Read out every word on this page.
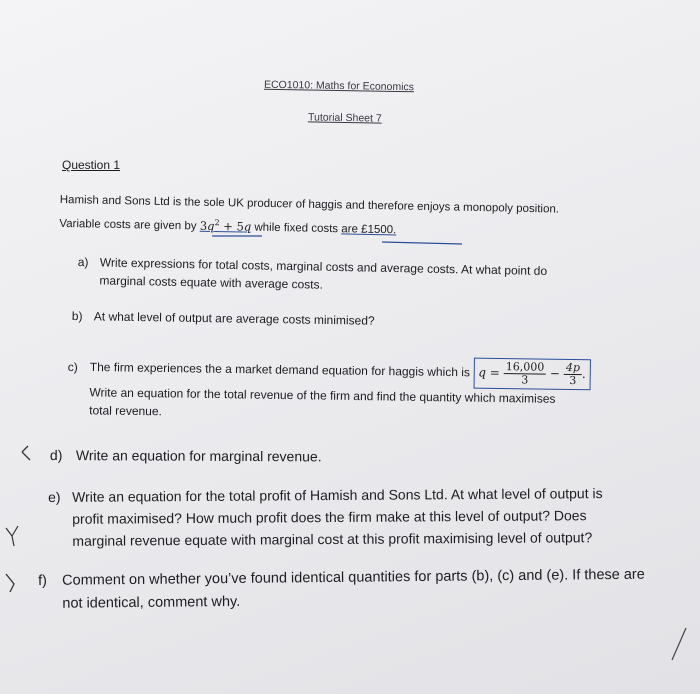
ECO1010: Maths for Economics
Tutorial Sheet 7
Question 1
Hamish and Sons Ltd is the sole UK producer of haggis and therefore enjoys a monopoly position.
Variable costs are given by $3q^2 + 5q$ while fixed costs are £1500.
a) Write expressions for total costs, marginal costs and average costs. At what point do
marginal costs equate with average costs.
b) At what level of output are average costs minimised?
c) The firm experiences the a market demand equation for haggis which is $q = \frac{16,000}{3} - \frac{4p}{3}$ .
Write an equation for the total revenue of the firm and find the quantity which maximises
total revenue.
d) Write an equation for marginal revenue.
e) Write an equation for the total profit of Hamish and Sons Ltd. At what level of output is
profit maximised? How much profit does the firm make at this level of output? Does
marginal revenue equate with marginal cost at this profit maximising level of output?
f) Comment on whether you’ve found identical quantities for parts (b), (c) and (e). If these are
not identical, comment why.
